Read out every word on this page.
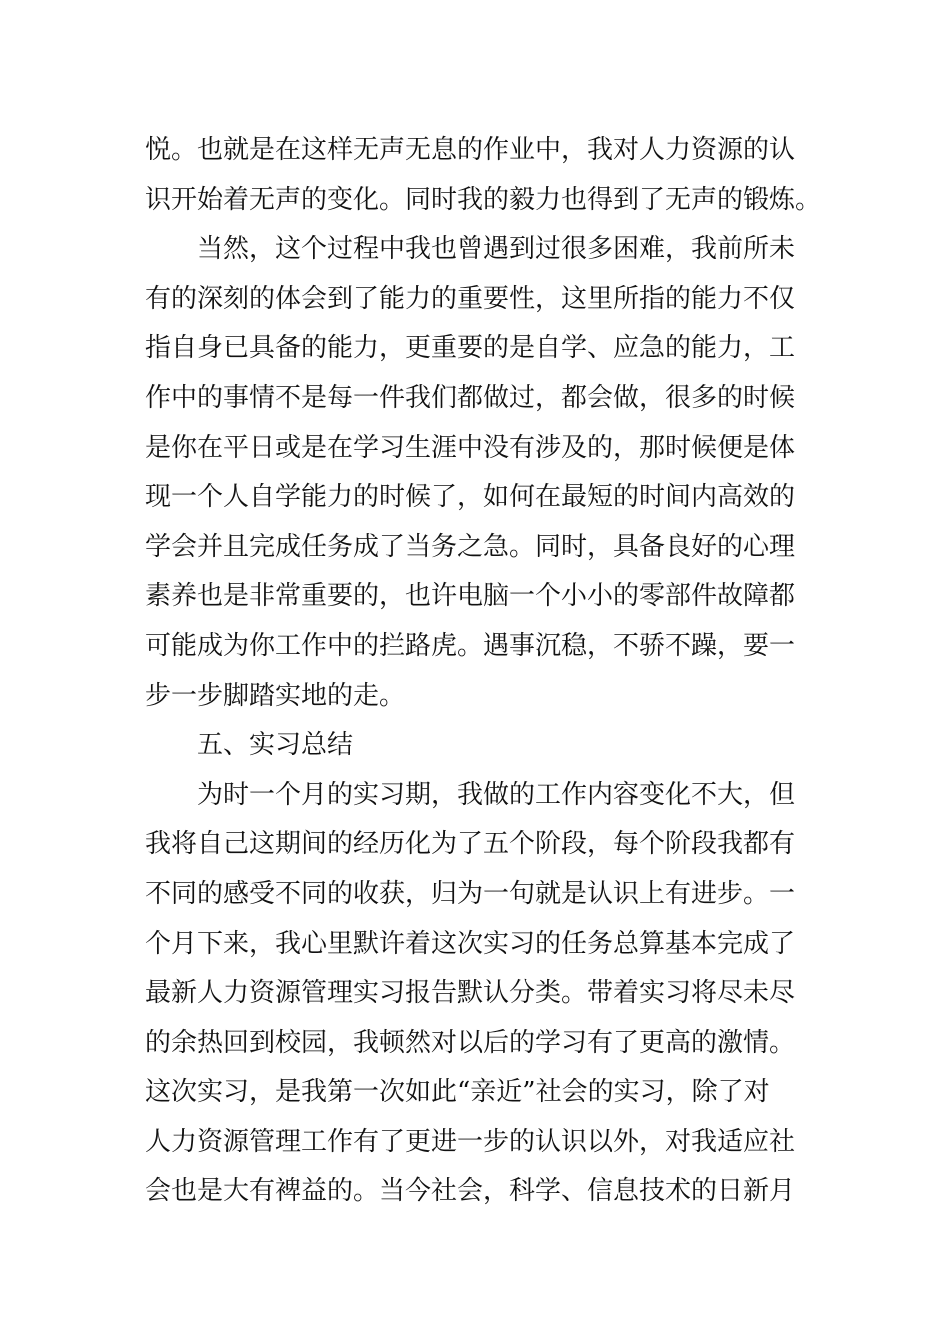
悦。也就是在这样无声无息的作业中，我对人力资源的认
识开始着无声的变化。同时我的毅力也得到了无声的锻炼。
当然，这个过程中我也曾遇到过很多困难，我前所未
有的深刻的体会到了能力的重要性，这里所指的能力不仅
指自身已具备的能力，更重要的是自学、应急的能力，工
作中的事情不是每一件我们都做过，都会做，很多的时候
是你在平日或是在学习生涯中没有涉及的，那时候便是体
现一个人自学能力的时候了，如何在最短的时间内高效的
学会并且完成任务成了当务之急。同时，具备良好的心理
素养也是非常重要的，也许电脑一个小小的零部件故障都
可能成为你工作中的拦路虎。遇事沉稳，不骄不躁，要一
步一步脚踏实地的走。
五、实习总结
为时一个月的实习期，我做的工作内容变化不大，但
我将自己这期间的经历化为了五个阶段，每个阶段我都有
不同的感受不同的收获，归为一句就是认识上有进步。一
个月下来，我心里默许着这次实习的任务总算基本完成了
最新人力资源管理实习报告默认分类。带着实习将尽未尽
的余热回到校园，我顿然对以后的学习有了更高的激情。
这次实习，是我第一次如此“亲近”社会的实习，除了对
人力资源管理工作有了更进一步的认识以外，对我适应社
会也是大有裨益的。当今社会，科学、信息技术的日新月
